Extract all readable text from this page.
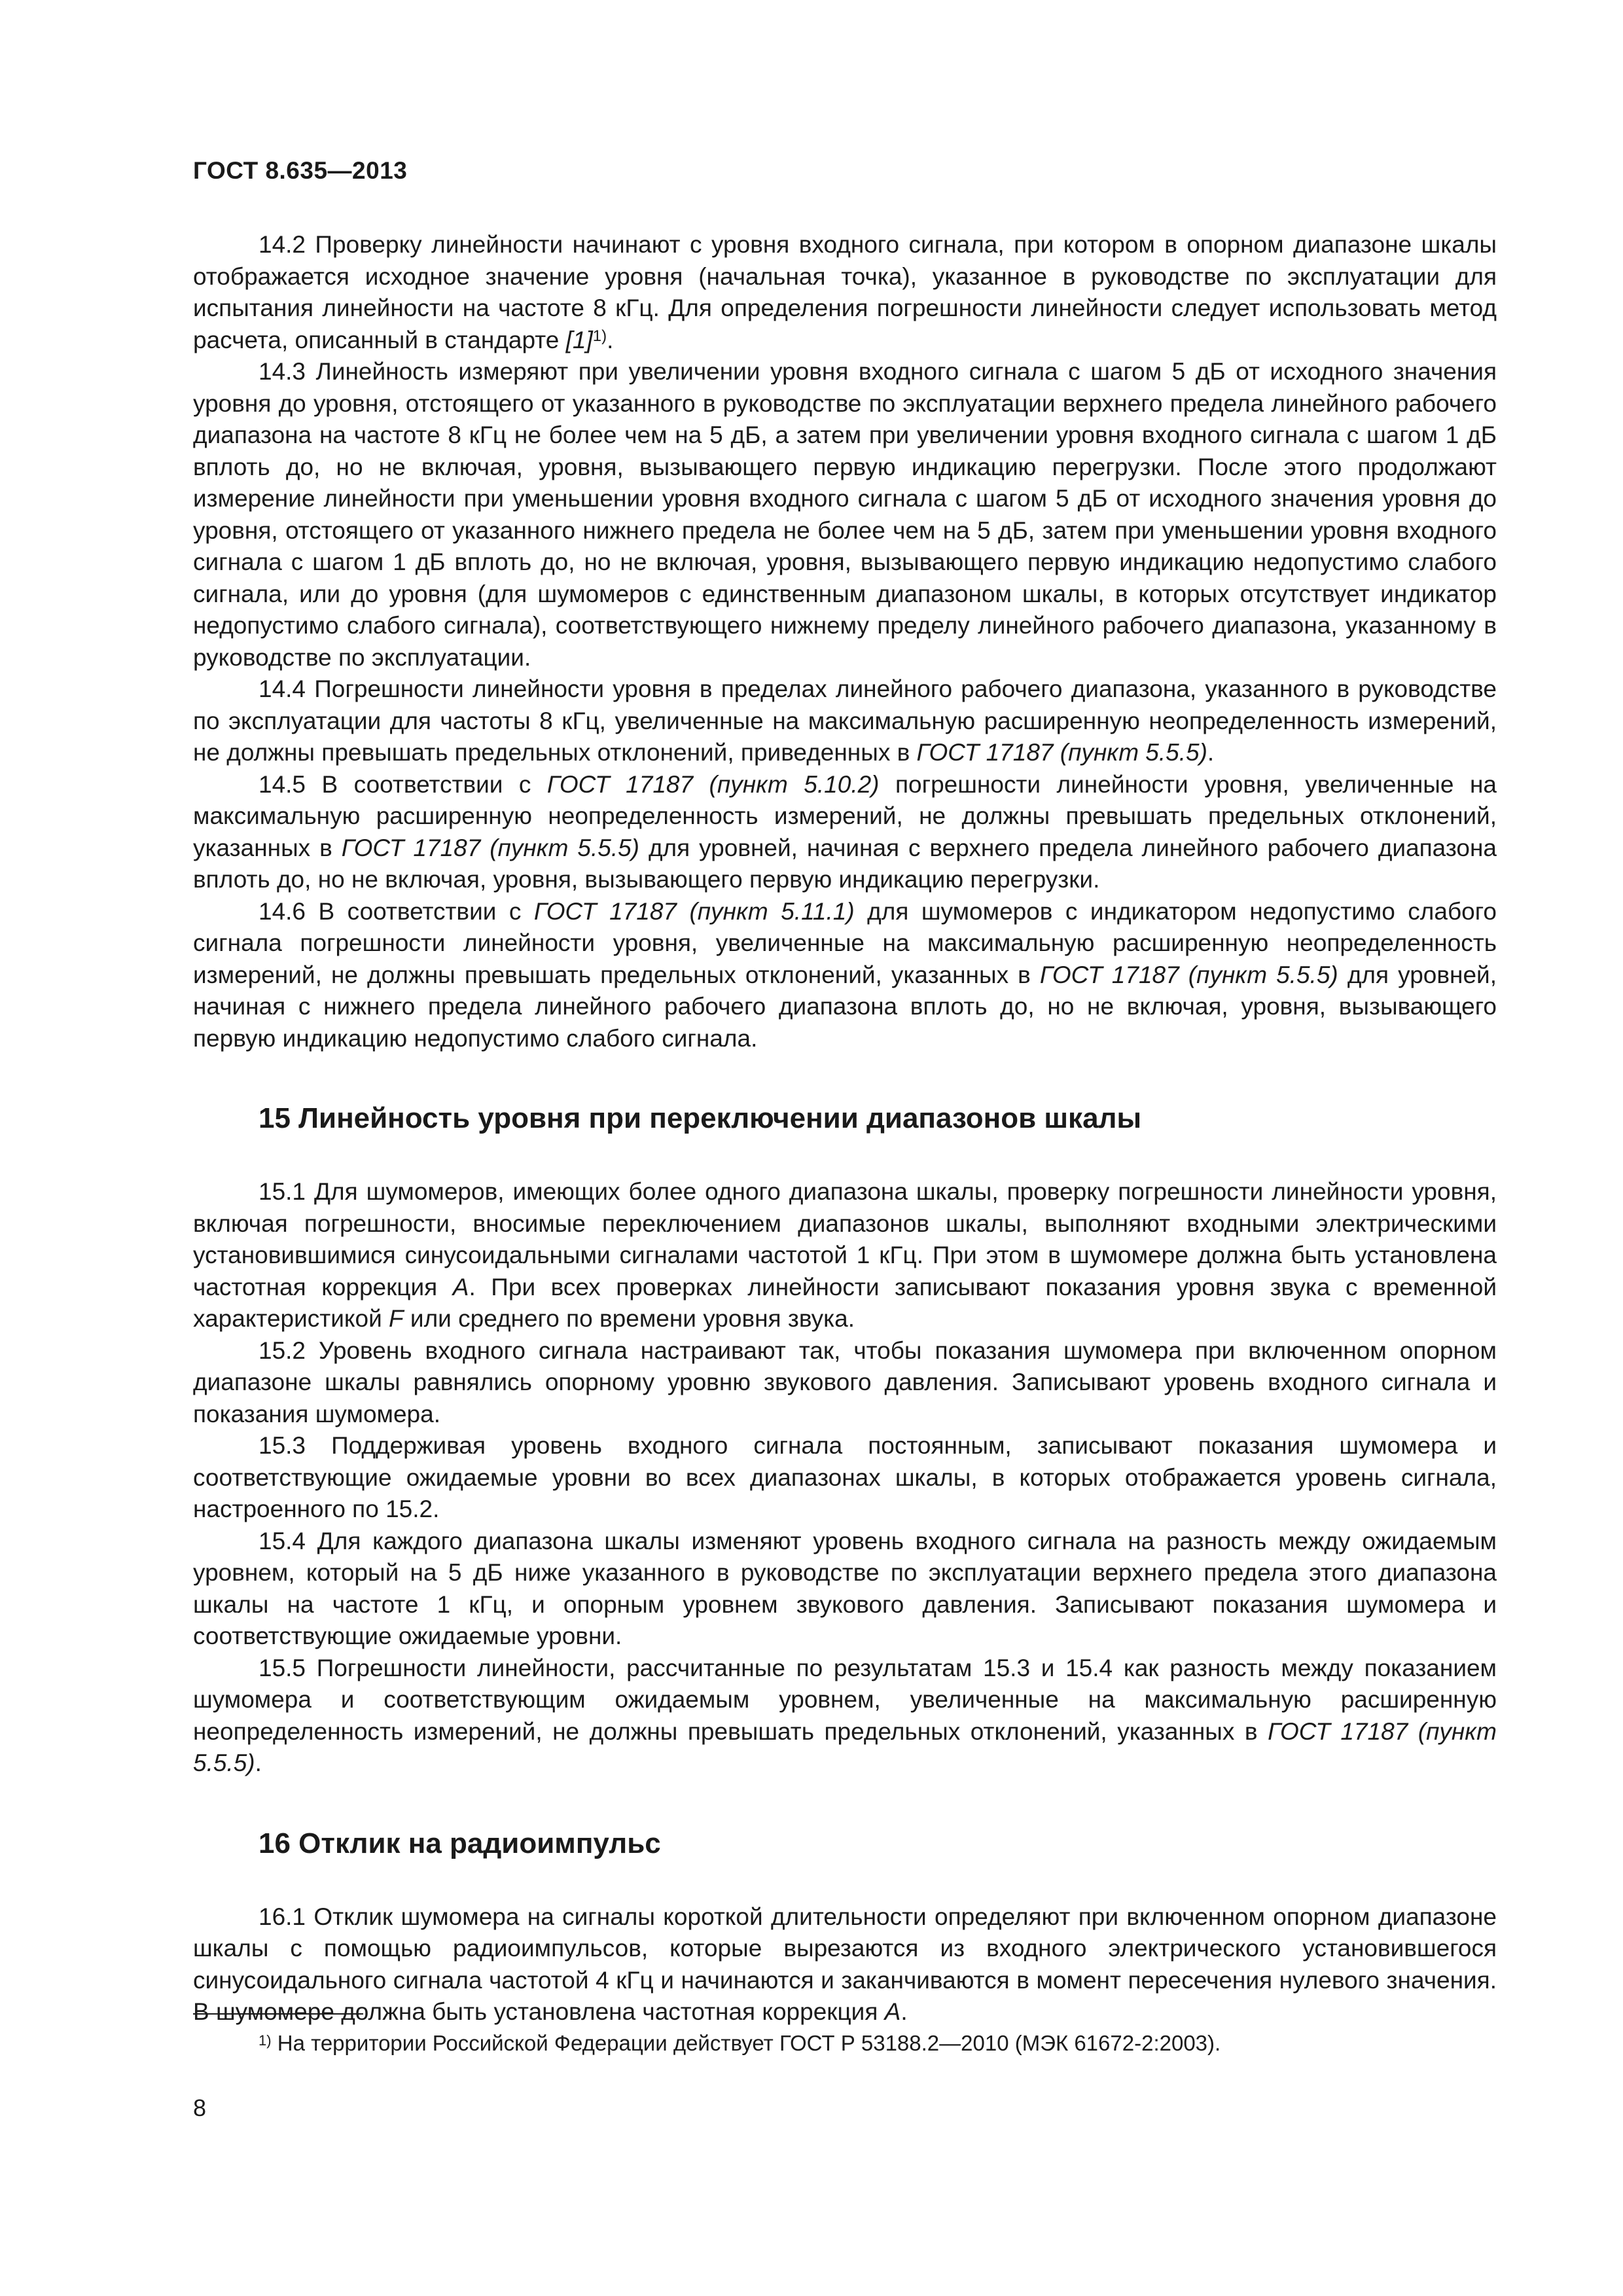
ГОСТ 8.635—2013

14.2 Проверку линейности начинают с уровня входного сигнала, при котором в опорном диапазоне шкалы отображается исходное значение уровня (начальная точка), указанное в руководстве по эксплуатации для испытания линейности на частоте 8 кГц. Для определения погрешности линейности следует использовать метод расчета, описанный в стандарте $[1]^{1)}$.

14.3 Линейность измеряют при увеличении уровня входного сигнала с шагом 5 дБ от исходного значения уровня до уровня, отстоящего от указанного в руководстве по эксплуатации верхнего предела линейного рабочего диапазона на частоте 8 кГц не более чем на 5 дБ, а затем при увеличении уровня входного сигнала с шагом 1 дБ вплоть до, но не включая, уровня, вызывающего первую индикацию перегрузки. После этого продолжают измерение линейности при уменьшении уровня входного сигнала с шагом 5 дБ от исходного значения уровня до уровня, отстоящего от указанного нижнего предела не более чем на 5 дБ, затем при уменьшении уровня входного сигнала с шагом 1 дБ вплоть до, но не включая, уровня, вызывающего первую индикацию недопустимо слабого сигнала, или до уровня (для шумомеров с единственным диапазоном шкалы, в которых отсутствует индикатор недопустимо слабого сигнала), соответствующего нижнему пределу линейного рабочего диапазона, указанному в руководстве по эксплуатации.

14.4 Погрешности линейности уровня в пределах линейного рабочего диапазона, указанного в руководстве по эксплуатации для частоты 8 кГц, увеличенные на максимальную расширенную неопределенность измерений, не должны превышать предельных отклонений, приведенных в ГОСТ 17187 (пункт 5.5.5).

14.5 В соответствии с ГОСТ 17187 (пункт 5.10.2) погрешности линейности уровня, увеличенные на максимальную расширенную неопределенность измерений, не должны превышать предельных отклонений, указанных в ГОСТ 17187 (пункт 5.5.5) для уровней, начиная с верхнего предела линейного рабочего диапазона вплоть до, но не включая, уровня, вызывающего первую индикацию перегрузки.

14.6 В соответствии с ГОСТ 17187 (пункт 5.11.1) для шумомеров с индикатором недопустимо слабого сигнала погрешности линейности уровня, увеличенные на максимальную расширенную неопределенность измерений, не должны превышать предельных отклонений, указанных в ГОСТ 17187 (пункт 5.5.5) для уровней, начиная с нижнего предела линейного рабочего диапазона вплоть до, но не включая, уровня, вызывающего первую индикацию недопустимо слабого сигнала.

15 Линейность уровня при переключении диапазонов шкалы

15.1 Для шумомеров, имеющих более одного диапазона шкалы, проверку погрешности линейности уровня, включая погрешности, вносимые переключением диапазонов шкалы, выполняют входными электрическими установившимися синусоидальными сигналами частотой 1 кГц. При этом в шумомере должна быть установлена частотная коррекция А. При всех проверках линейности записывают показания уровня звука с временной характеристикой F или среднего по времени уровня звука.

15.2 Уровень входного сигнала настраивают так, чтобы показания шумомера при включенном опорном диапазоне шкалы равнялись опорному уровню звукового давления. Записывают уровень входного сигнала и показания шумомера.

15.3 Поддерживая уровень входного сигнала постоянным, записывают показания шумомера и соответствующие ожидаемые уровни во всех диапазонах шкалы, в которых отображается уровень сигнала, настроенного по 15.2.

15.4 Для каждого диапазона шкалы изменяют уровень входного сигнала на разность между ожидаемым уровнем, который на 5 дБ ниже указанного в руководстве по эксплуатации верхнего предела этого диапазона шкалы на частоте 1 кГц, и опорным уровнем звукового давления. Записывают показания шумомера и соответствующие ожидаемые уровни.

15.5 Погрешности линейности, рассчитанные по результатам 15.3 и 15.4 как разность между показанием шумомера и соответствующим ожидаемым уровнем, увеличенные на максимальную расширенную неопределенность измерений, не должны превышать предельных отклонений, указанных в ГОСТ 17187 (пункт 5.5.5).

16 Отклик на радиоимпульс

16.1 Отклик шумомера на сигналы короткой длительности определяют при включенном опорном диапазоне шкалы с помощью радиоимпульсов, которые вырезаются из входного электрического установившегося синусоидального сигнала частотой 4 кГц и начинаются и заканчиваются в момент пересечения нулевого значения. В шумомере должна быть установлена частотная коррекция А.

$^{1)}$ На территории Российской Федерации действует ГОСТ Р 53188.2—2010 (МЭК 61672-2:2003).
8
